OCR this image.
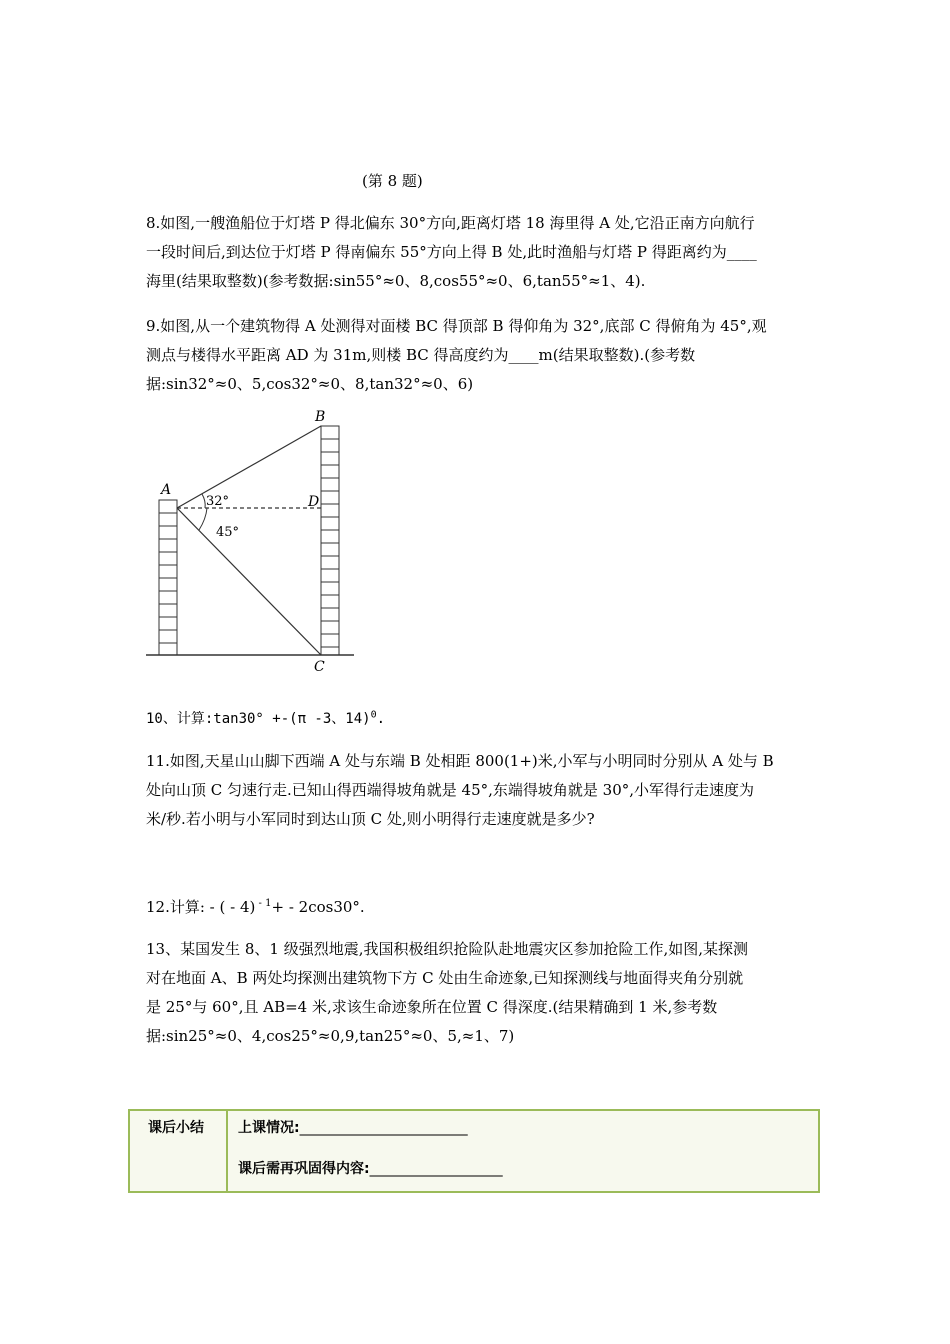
(第 8 题)
8.如图,一艘渔船位于灯塔 P 得北偏东 30°方向,距离灯塔 18 海里得 A 处,它沿正南方向航行
一段时间后,到达位于灯塔 P 得南偏东 55°方向上得 B 处,此时渔船与灯塔 P 得距离约为____
海里(结果取整数)(参考数据:sin55°≈0、8,cos55°≈0、6,tan55°≈1、4).
9.如图,从一个建筑物得 A 处测得对面楼 BC 得顶部 B 得仰角为 32°,底部 C 得俯角为 45°,观
测点与楼得水平距离 AD 为 31m,则楼 BC 得高度约为____m(结果取整数).(参考数
据:sin32°≈0、5,cos32°≈0、8,tan32°≈0、6)
A
B
C
D
32°
45°
10、计算:tan30° +-(π -3、14)$^0$.
11.如图,天星山山脚下西端 A 处与东端 B 处相距 800(1+)米,小军与小明同时分别从 A 处与 B
处向山顶 C 匀速行走.已知山得西端得坡角就是 45°,东端得坡角就是 30°,小军得行走速度为
米/秒.若小明与小军同时到达山顶 C 处,则小明得行走速度就是多少?
12.计算: - ( - 4) $^{- 1}$+ - 2cos30°.
13、某国发生 8、1 级强烈地震,我国积极组织抢险队赴地震灾区参加抢险工作,如图,某探测
对在地面 A、B 两处均探测出建筑物下方 C 处由生命迹象,已知探测线与地面得夹角分别就
是 25°与 60°,且 AB=4 米,求该生命迹象所在位置 C 得深度.(结果精确到 1 米,参考数
据:sin25°≈0、4,cos25°≈0,9,tan25°≈0、5,≈1、7)
课后小结 上课情况:________________________
课后需再巩固得内容:___________________
